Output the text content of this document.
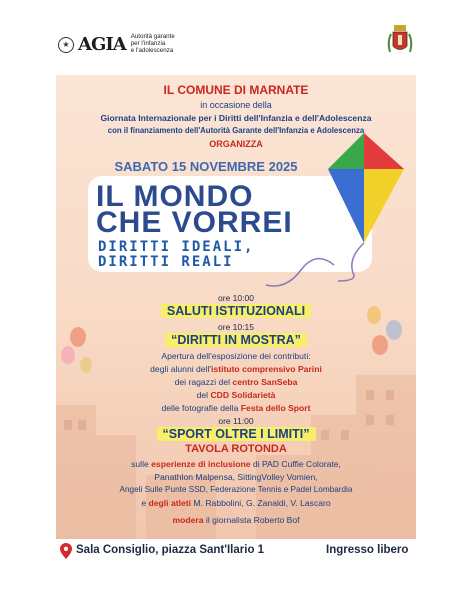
★ AGIA Autorità garante
per l'infanzia
e l'adolescenza

IL COMUNE DI MARNATE

in occasione della

Giornata Internazionale per i Diritti dell'Infanzia e dell'Adolescenza

con il finanziamento dell'Autorità Garante dell'Infanzia e Adolescenza

ORGANIZZA

SABATO 15 NOVEMBRE 2025

IL MONDO
CHE VORREI
DIRITTI IDEALI,
DIRITTI REALI

ore 10:00

SALUTI ISTITUZIONALI

ore 10:15

“DIRITTI IN MOSTRA”

Apertura dell'esposizione dei contributi:

degli alunni dell'istituto comprensivo Parini

dei ragazzi del centro SanSeba

del CDD Solidarietà

delle fotografie della Festa dello Sport

ore 11:00

“SPORT OLTRE I LIMITI”

TAVOLA ROTONDA

sulle esperienze di inclusione di PAD Cuffie Colorate,

Panathlon Malpensa, SittingVolley Vomien,

Angeli Sulle Punte SSD, Federazione Tennis e Padel Lombardia

e degli atleti M. Rabbolini, G. Zanaldi, V. Lascaro

modera il giornalista Roberto Bof

Sala Consiglio, piazza Sant'Ilario 1	Ingresso libero
